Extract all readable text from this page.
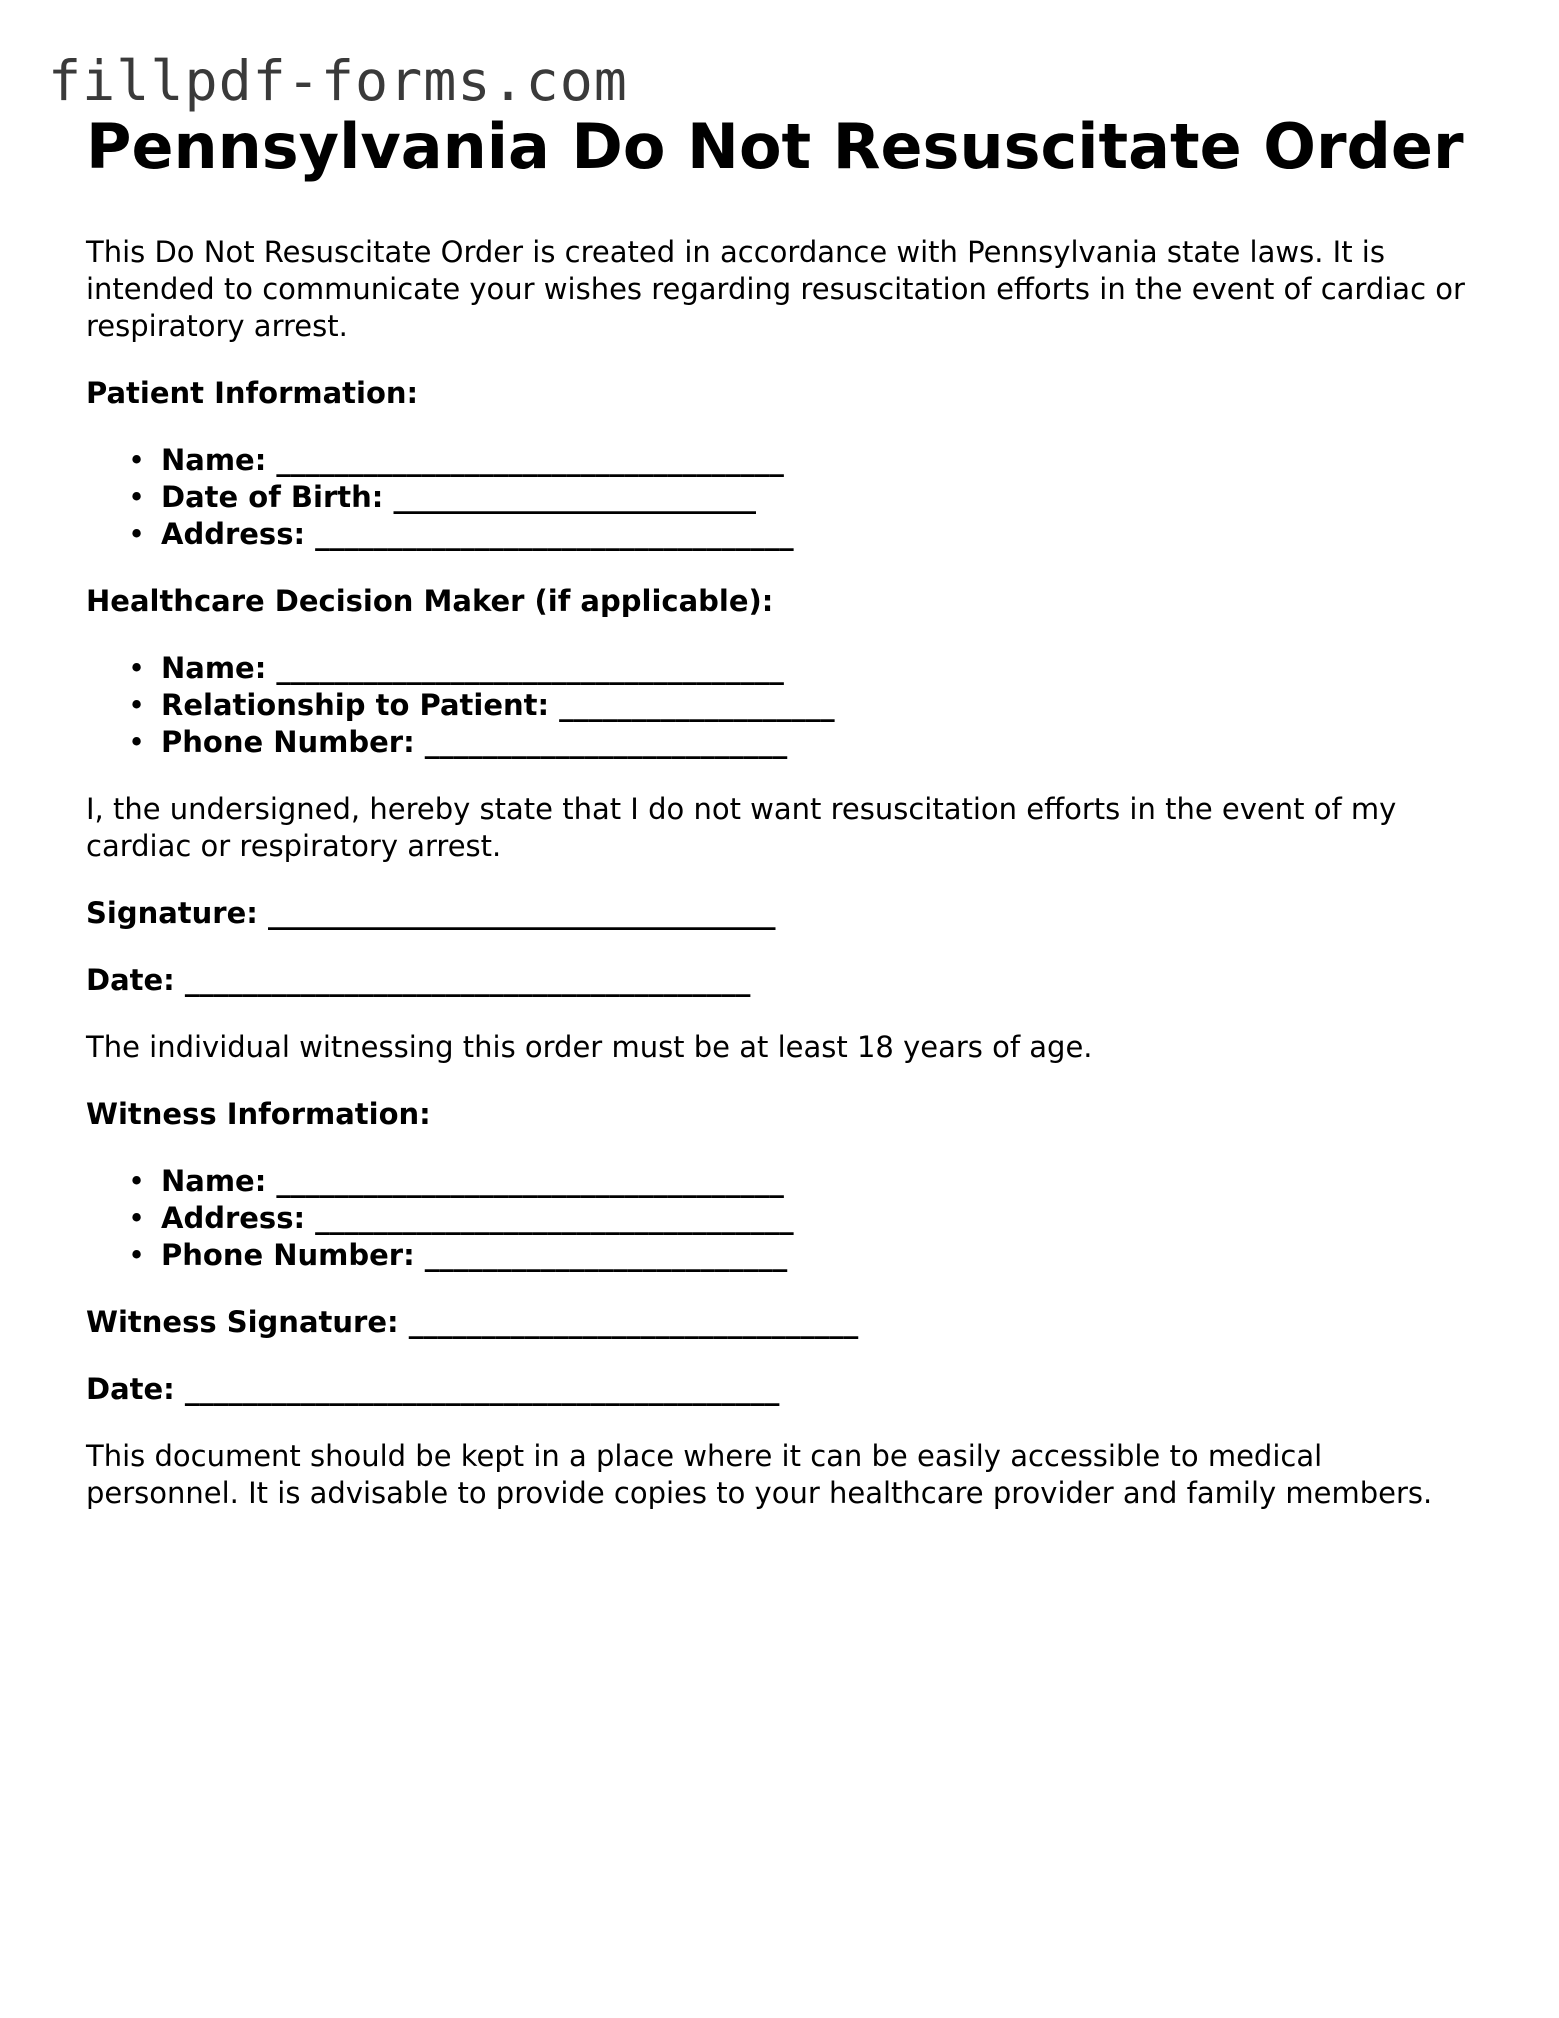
fillpdf-forms.com
Pennsylvania Do Not Resuscitate Order

This Do Not Resuscitate Order is created in accordance with Pennsylvania state laws. It is intended to communicate your wishes regarding resuscitation efforts in the event of cardiac or respiratory arrest.

Patient Information:

• Name: ___________________________________
• Date of Birth: _________________________
• Address: _________________________________

Healthcare Decision Maker (if applicable):

• Name: ___________________________________
• Relationship to Patient: ___________________
• Phone Number: _________________________

I, the undersigned, hereby state that I do not want resuscitation efforts in the event of my cardiac or respiratory arrest.

Signature: ___________________________________

Date: _______________________________________

The individual witnessing this order must be at least 18 years of age.

Witness Information:

• Name: ___________________________________
• Address: _________________________________
• Phone Number: _________________________

Witness Signature: _______________________________

Date: _________________________________________

This document should be kept in a place where it can be easily accessible to medical personnel. It is advisable to provide copies to your healthcare provider and family members.
